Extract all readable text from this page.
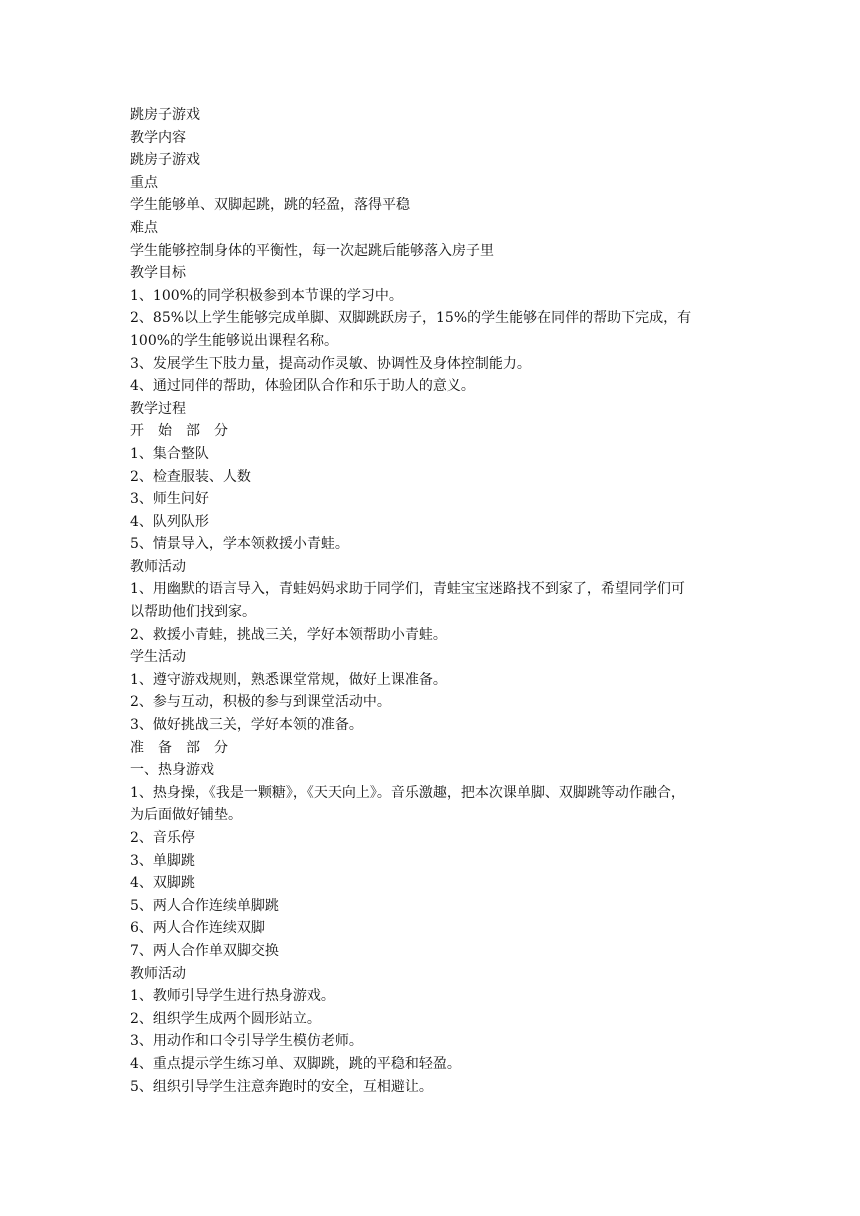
跳房子游戏
教学内容
跳房子游戏
重点
学生能够单、双脚起跳，跳的轻盈，落得平稳
难点
学生能够控制身体的平衡性，每一次起跳后能够落入房子里
教学目标
1、100%的同学积极参到本节课的学习中。
2、85%以上学生能够完成单脚、双脚跳跃房子，15%的学生能够在同伴的帮助下完成，有
100%的学生能够说出课程名称。
3、发展学生下肢力量，提高动作灵敏、协调性及身体控制能力。
4、通过同伴的帮助，体验团队合作和乐于助人的意义。
教学过程
开　始　部　分
1、集合整队
2、检查服装、人数
3、师生问好
4、队列队形
5、情景导入，学本领救援小青蛙。
教师活动
1、用幽默的语言导入，青蛙妈妈求助于同学们，青蛙宝宝迷路找不到家了，希望同学们可
以帮助他们找到家。
2、救援小青蛙，挑战三关，学好本领帮助小青蛙。
学生活动
1、遵守游戏规则，熟悉课堂常规，做好上课准备。
2、参与互动，积极的参与到课堂活动中。
3、做好挑战三关，学好本领的准备。
准　备　部　分
一、热身游戏
1、热身操，《我是一颗糖》，《天天向上》。音乐激趣，把本次课单脚、双脚跳等动作融合，
为后面做好铺垫。
2、音乐停
3、单脚跳
4、双脚跳
5、两人合作连续单脚跳
6、两人合作连续双脚
7、两人合作单双脚交换
教师活动
1、教师引导学生进行热身游戏。
2、组织学生成两个圆形站立。
3、用动作和口令引导学生模仿老师。
4、重点提示学生练习单、双脚跳，跳的平稳和轻盈。
5、组织引导学生注意奔跑时的安全，互相避让。
